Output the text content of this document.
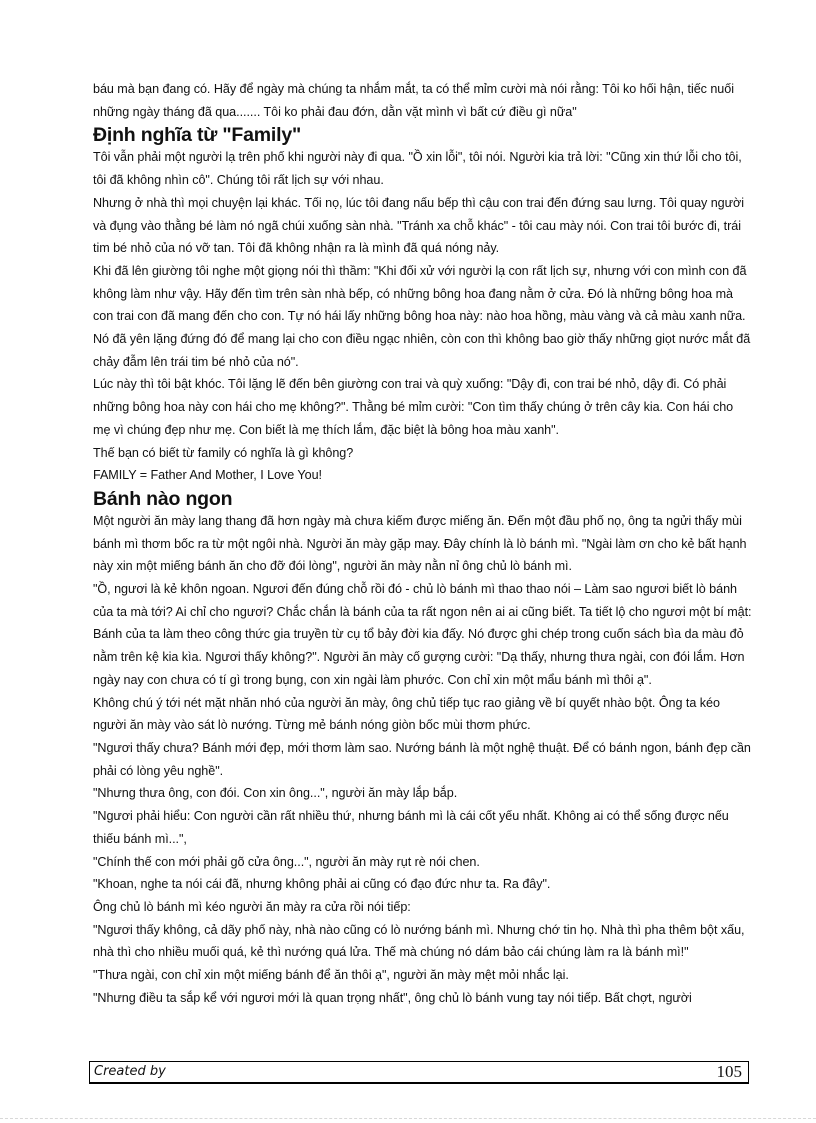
báu mà bạn đang có. Hãy để ngày mà chúng ta nhắm mắt, ta có thể mỉm cười mà nói rằng: Tôi ko hối hận, tiếc nuối những ngày tháng đã qua....... Tôi ko phải đau đớn, dằn vặt mình vì bất cứ điều gì nữa"

Định nghĩa từ "Family"

Tôi vẫn phải một người lạ trên phố khi người này đi qua. "Ồ xin lỗi", tôi nói. Người kia trả lời: "Cũng xin thứ lỗi cho tôi, tôi đã không nhìn cô". Chúng tôi rất lịch sự với nhau.

Nhưng ở nhà thì mọi chuyện lại khác. Tối nọ, lúc tôi đang nấu bếp thì cậu con trai đến đứng sau lưng. Tôi quay người và đụng vào thằng bé làm nó ngã chúi xuống sàn nhà. "Tránh xa chỗ khác" - tôi cau mày nói. Con trai tôi bước đi, trái tim bé nhỏ của nó vỡ tan. Tôi đã không nhận ra là mình đã quá nóng nảy.

Khi đã lên giường tôi nghe một giọng nói thì thầm: "Khi đối xử với người lạ con rất lịch sự, nhưng với con mình con đã không làm như vậy. Hãy đến tìm trên sàn nhà bếp, có những bông hoa đang nằm ở cửa. Đó là những bông hoa mà con trai con đã mang đến cho con. Tự nó hái lấy những bông hoa này: nào hoa hồng, màu vàng và cả màu xanh nữa. Nó đã yên lặng đứng đó để mang lại cho con điều ngạc nhiên, còn con thì không bao giờ thấy những giọt nước mắt đã chảy đẫm lên trái tim bé nhỏ của nó".

Lúc này thì tôi bật khóc. Tôi lặng lẽ đến bên giường con trai và quỳ xuống: "Dậy đi, con trai bé nhỏ, dậy đi. Có phải những bông hoa này con hái cho mẹ không?". Thằng bé mỉm cười: "Con tìm thấy chúng ở trên cây kia. Con hái cho mẹ vì chúng đẹp như mẹ. Con biết là mẹ thích lắm, đặc biệt là bông hoa màu xanh".

Thế bạn có biết từ family có nghĩa là gì không?

FAMILY = Father And Mother, I Love You!

Bánh nào ngon

Một người ăn mày lang thang đã hơn ngày mà chưa kiếm được miếng ăn. Đến một đầu phố nọ, ông ta ngửi thấy mùi bánh mì thơm bốc ra từ một ngôi nhà. Người ăn mày gặp may. Đây chính là lò bánh mì. "Ngài làm ơn cho kẻ bất hạnh này xin một miếng bánh ăn cho đỡ đói lòng", người ăn mày nằn nỉ ông chủ lò bánh mì.

"Ồ, ngươi là kẻ khôn ngoan. Ngươi đến đúng chỗ rồi đó - chủ lò bánh mì thao thao nói – Làm sao ngươi biết lò bánh của ta mà tới? Ai chỉ cho ngươi? Chắc chắn là bánh của ta rất ngon nên ai ai cũng biết. Ta tiết lộ cho ngươi một bí mật: Bánh của ta làm theo công thức gia truyền từ cụ tổ bảy đời kia đấy. Nó được ghi chép trong cuốn sách bìa da màu đỏ nằm trên kệ kia kìa. Ngươi thấy không?". Người ăn mày cố gượng cười: "Dạ thấy, nhưng thưa ngài, con đói lắm. Hơn ngày nay con chưa có tí gì trong bụng, con xin ngài làm phước. Con chỉ xin một mẩu bánh mì thôi ạ".

Không chú ý tới nét mặt nhăn nhó của người ăn mày, ông chủ tiếp tục rao giảng về bí quyết nhào bột. Ông ta kéo người ăn mày vào sát lò nướng. Từng mẻ bánh nóng giòn bốc mùi thơm phức.

"Ngươi thấy chưa? Bánh mới đẹp, mới thơm làm sao. Nướng bánh là một nghệ thuật. Để có bánh ngon, bánh đẹp cần phải có lòng yêu nghề".

"Nhưng thưa ông, con đói. Con xin ông...", người ăn mày lắp bắp.

"Ngươi phải hiểu: Con người cần rất nhiều thứ, nhưng bánh mì là cái cốt yếu nhất. Không ai có thể sống được nếu thiếu bánh mì...",

"Chính thế con mới phải gõ cửa ông...", người ăn mày rụt rè nói chen.

"Khoan, nghe ta nói cái đã, nhưng không phải ai cũng có đạo đức như ta. Ra đây".

Ông chủ lò bánh mì kéo người ăn mày ra cửa rồi nói tiếp:

"Ngươi thấy không, cả dãy phố này, nhà nào cũng có lò nướng bánh mì. Nhưng chớ tin họ. Nhà thì pha thêm bột xấu, nhà thì cho nhiều muối quá, kẻ thì nướng quá lửa. Thế mà chúng nó dám bảo cái chúng làm ra là bánh mì!"

"Thưa ngài, con chỉ xin một miếng bánh để ăn thôi ạ", người ăn mày mệt mỏi nhắc lại.

"Nhưng điều ta sắp kể với ngươi mới là quan trọng nhất", ông chủ lò bánh vung tay nói tiếp. Bất chợt, người

Created by	105
